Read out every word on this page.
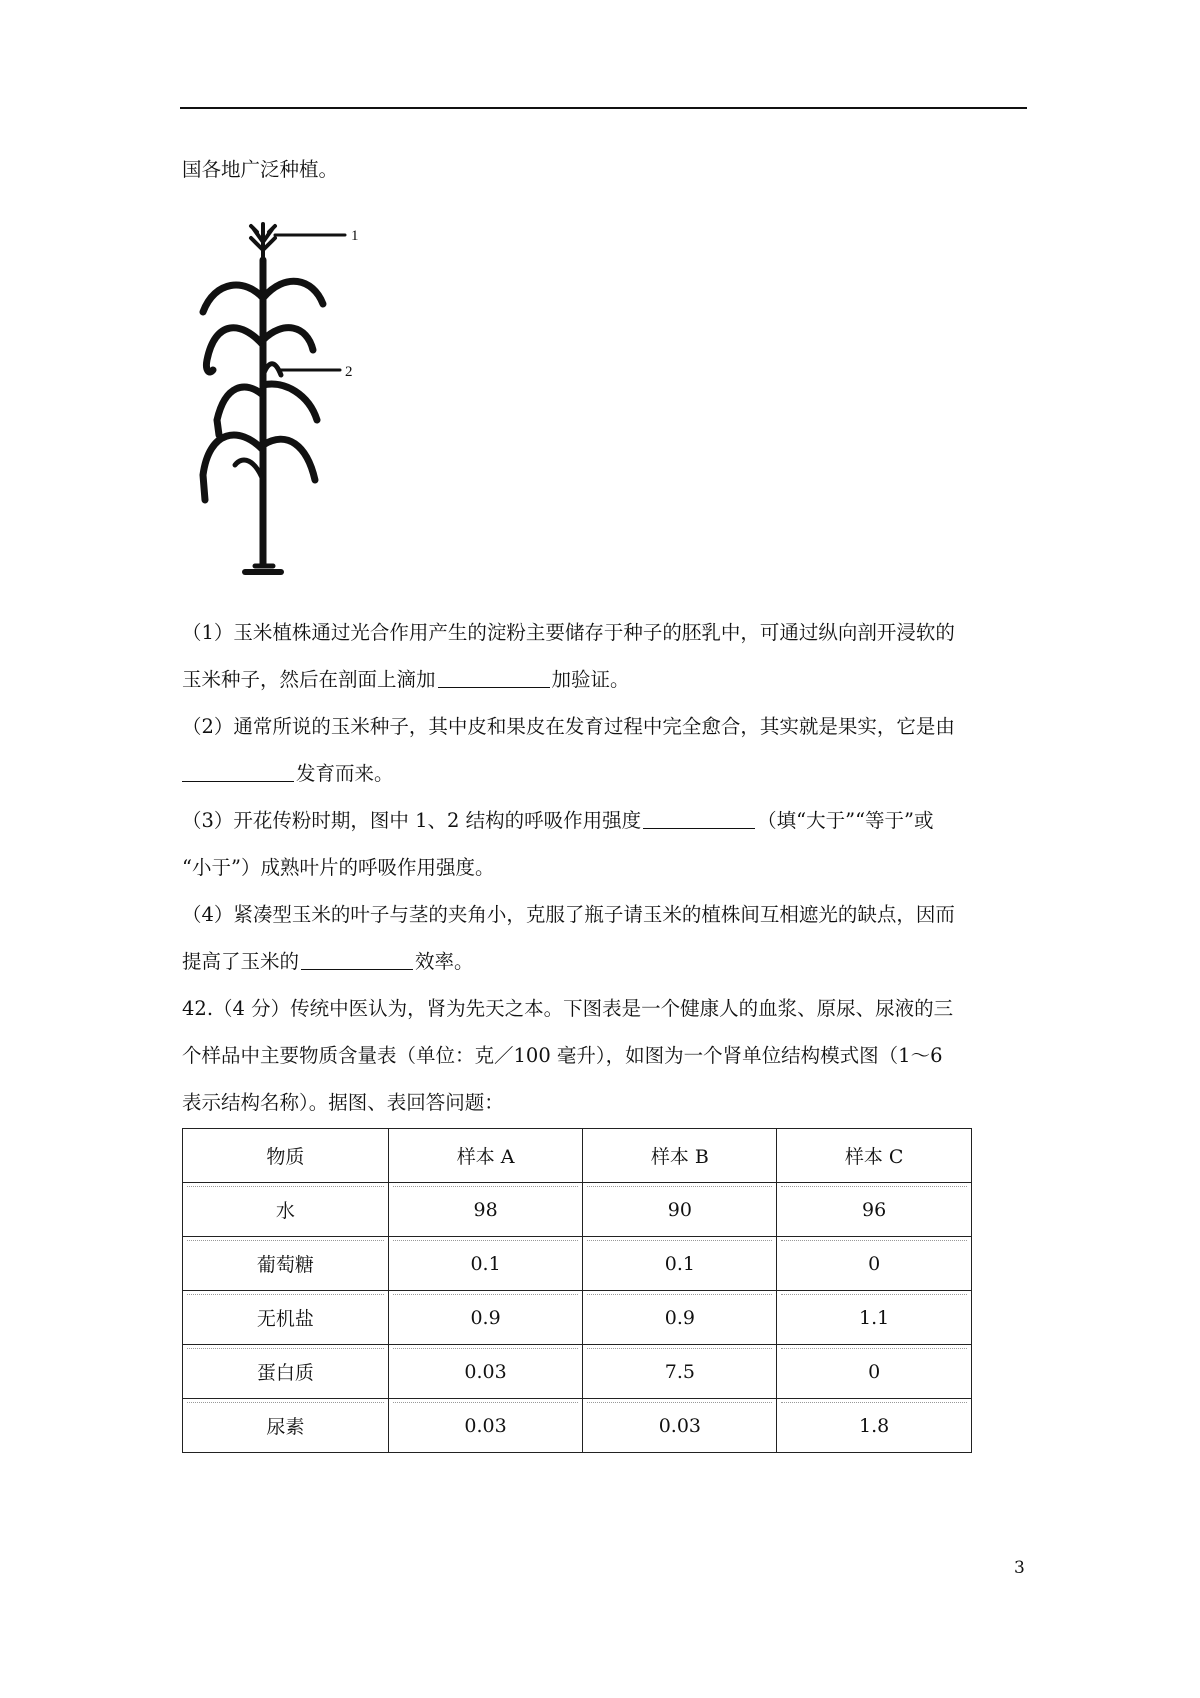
国各地广泛种植。
1
2
（1）玉米植株通过光合作用产生的淀粉主要储存于种子的胚乳中，可通过纵向剖开浸软的
玉米种子，然后在剖面上滴加	加验证。
（2）通常所说的玉米种子，其中皮和果皮在发育过程中完全愈合，其实就是果实，它是由
发育而来。
（3）开花传粉时期，图中 1、2 结构的呼吸作用强度	（填“大于”“等于”或
“小于”）成熟叶片的呼吸作用强度。
（4）紧凑型玉米的叶子与茎的夹角小，克服了瓶子请玉米的植株间互相遮光的缺点，因而
提高了玉米的	效率。
42.（4 分）传统中医认为，肾为先天之本。下图表是一个健康人的血浆、原尿、尿液的三
个样品中主要物质含量表（单位：克／100 毫升），如图为一个肾单位结构模式图（1～6
表示结构名称）。据图、表回答问题：
物质	样本 A	样本 B	样本 C
水	98	90	96
葡萄糖	0.1	0.1	0
无机盐	0.9	0.9	1.1
蛋白质	0.03	7.5	0
尿素	0.03	0.03	1.8
3
